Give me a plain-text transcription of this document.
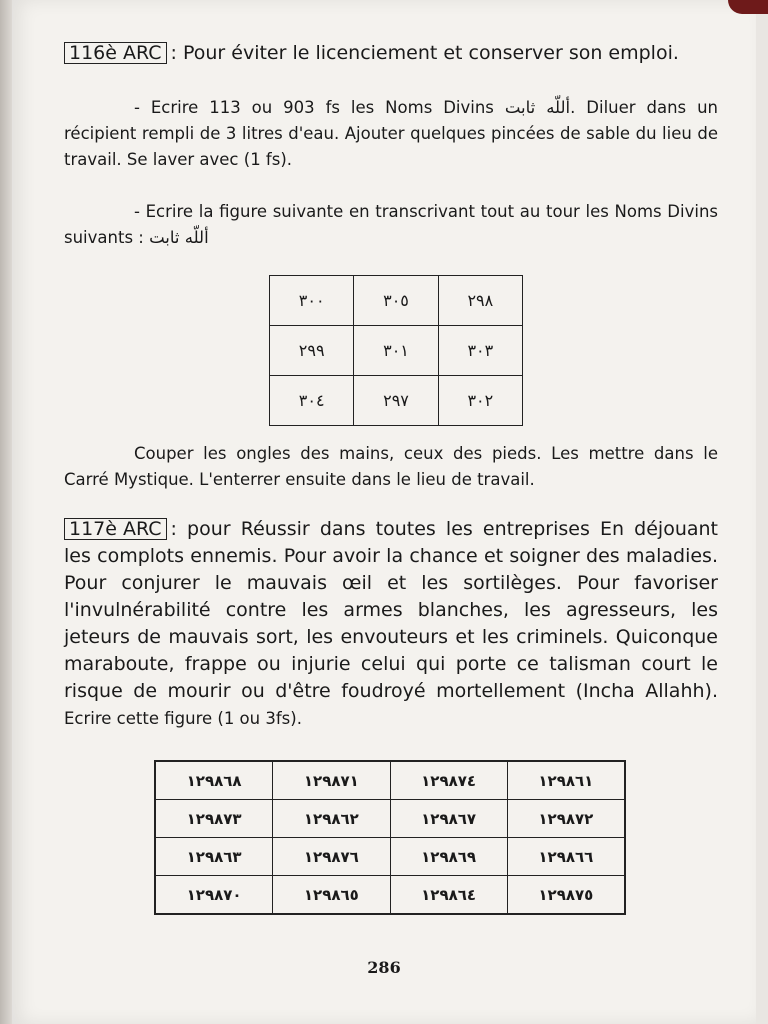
116è ARC : Pour éviter le licenciement et conserver son emploi.
- Ecrire 113 ou 903 fs les Noms Divins أللّه ثابت. Diluer dans un récipient rempli de 3 litres d'eau. Ajouter quelques pincées de sable du lieu de travail. Se laver avec (1 fs).
- Ecrire la figure suivante en transcrivant tout au tour les Noms Divins suivants : أللّه ثابت
٣٠٠	٣٠٥	٢٩٨
٢٩٩	٣٠١	٣٠٣
٣٠٤	٢٩٧	٣٠٢
Couper les ongles des mains, ceux des pieds. Les mettre dans le Carré Mystique. L'enterrer ensuite dans le lieu de travail.
117è ARC : pour Réussir dans toutes les entreprises En déjouant les complots ennemis. Pour avoir la chance et soigner des maladies. Pour conjurer le mauvais œil et les sortilèges. Pour favoriser l'invulnérabilité contre les armes blanches, les agresseurs, les jeteurs de mauvais sort, les envouteurs et les criminels. Quiconque maraboute, frappe ou injurie celui qui porte ce talisman court le risque de mourir ou d'être foudroyé mortellement (Incha Allahh). Ecrire cette figure (1 ou 3fs).
١٢٩٨٦٨	١٢٩٨٧١	١٢٩٨٧٤	١٢٩٨٦١
١٢٩٨٧٣	١٢٩٨٦٢	١٢٩٨٦٧	١٢٩٨٧٢
١٢٩٨٦٣	١٢٩٨٧٦	١٢٩٨٦٩	١٢٩٨٦٦
١٢٩٨٧٠	١٢٩٨٦٥	١٢٩٨٦٤	١٢٩٨٧٥
286
